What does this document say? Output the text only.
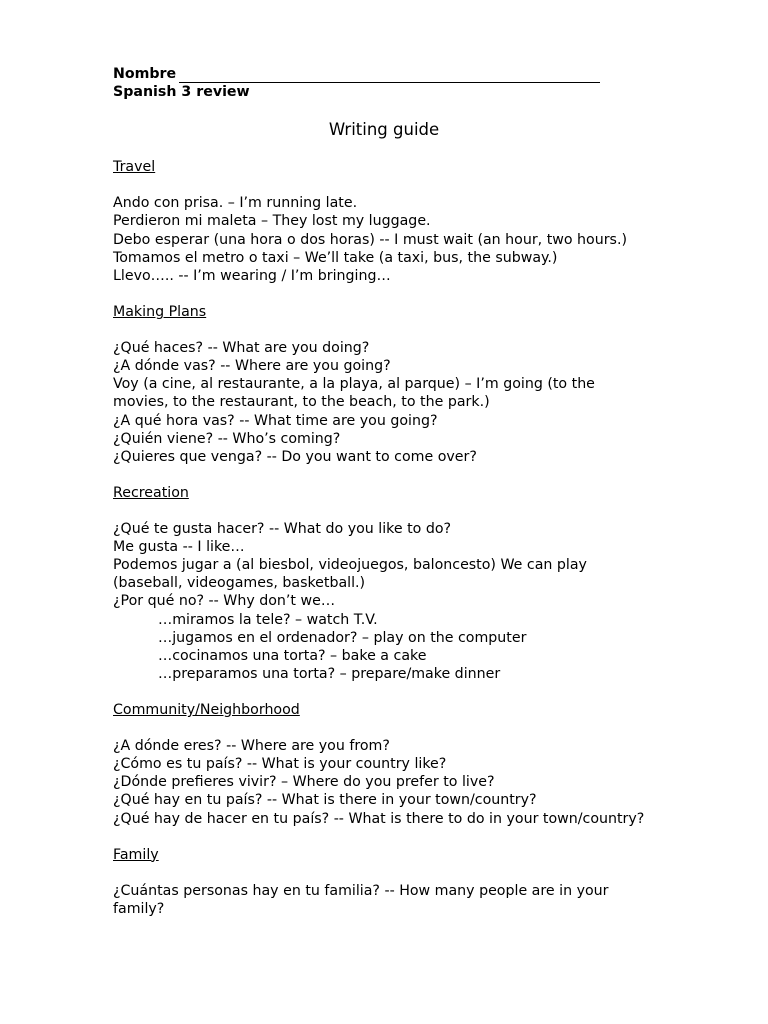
Nombre
Spanish 3 review
Writing guide

Travel

Ando con prisa. – I’m running late.

Perdieron mi maleta – They lost my luggage.

Debo esperar (una hora o dos horas) -- I must wait (an hour, two hours.)

Tomamos el metro o taxi – We’ll take (a taxi, bus, the subway.)

Llevo….. -- I’m wearing / I’m bringing…

Making Plans

¿Qué haces? -- What are you doing?

¿A dónde vas? -- Where are you going?

Voy (a cine, al restaurante, a la playa, al parque) – I’m going (to the movies, to the restaurant, to the beach, to the park.)

¿A qué hora vas? -- What time are you going?

¿Quién viene? -- Who’s coming?

¿Quieres que venga? -- Do you want to come over?

Recreation

¿Qué te gusta hacer? -- What do you like to do?

Me gusta -- I like…

Podemos jugar a (al biesbol, videojuegos, baloncesto) We can play (baseball, videogames, basketball.)

¿Por qué no? -- Why don’t we…

…miramos la tele? – watch T.V.

…jugamos en el ordenador? – play on the computer

…cocinamos una torta? – bake a cake

…preparamos una torta? – prepare/make dinner

Community/Neighborhood

¿A dónde eres? -- Where are you from?

¿Cómo es tu país? -- What is your country like?

¿Dónde prefieres vivir? – Where do you prefer to live?

¿Qué hay en tu país? -- What is there in your town/country?

¿Qué hay de hacer en tu país? -- What is there to do in your town/country?

Family

¿Cuántas personas hay en tu familia? -- How many people are in your family?
